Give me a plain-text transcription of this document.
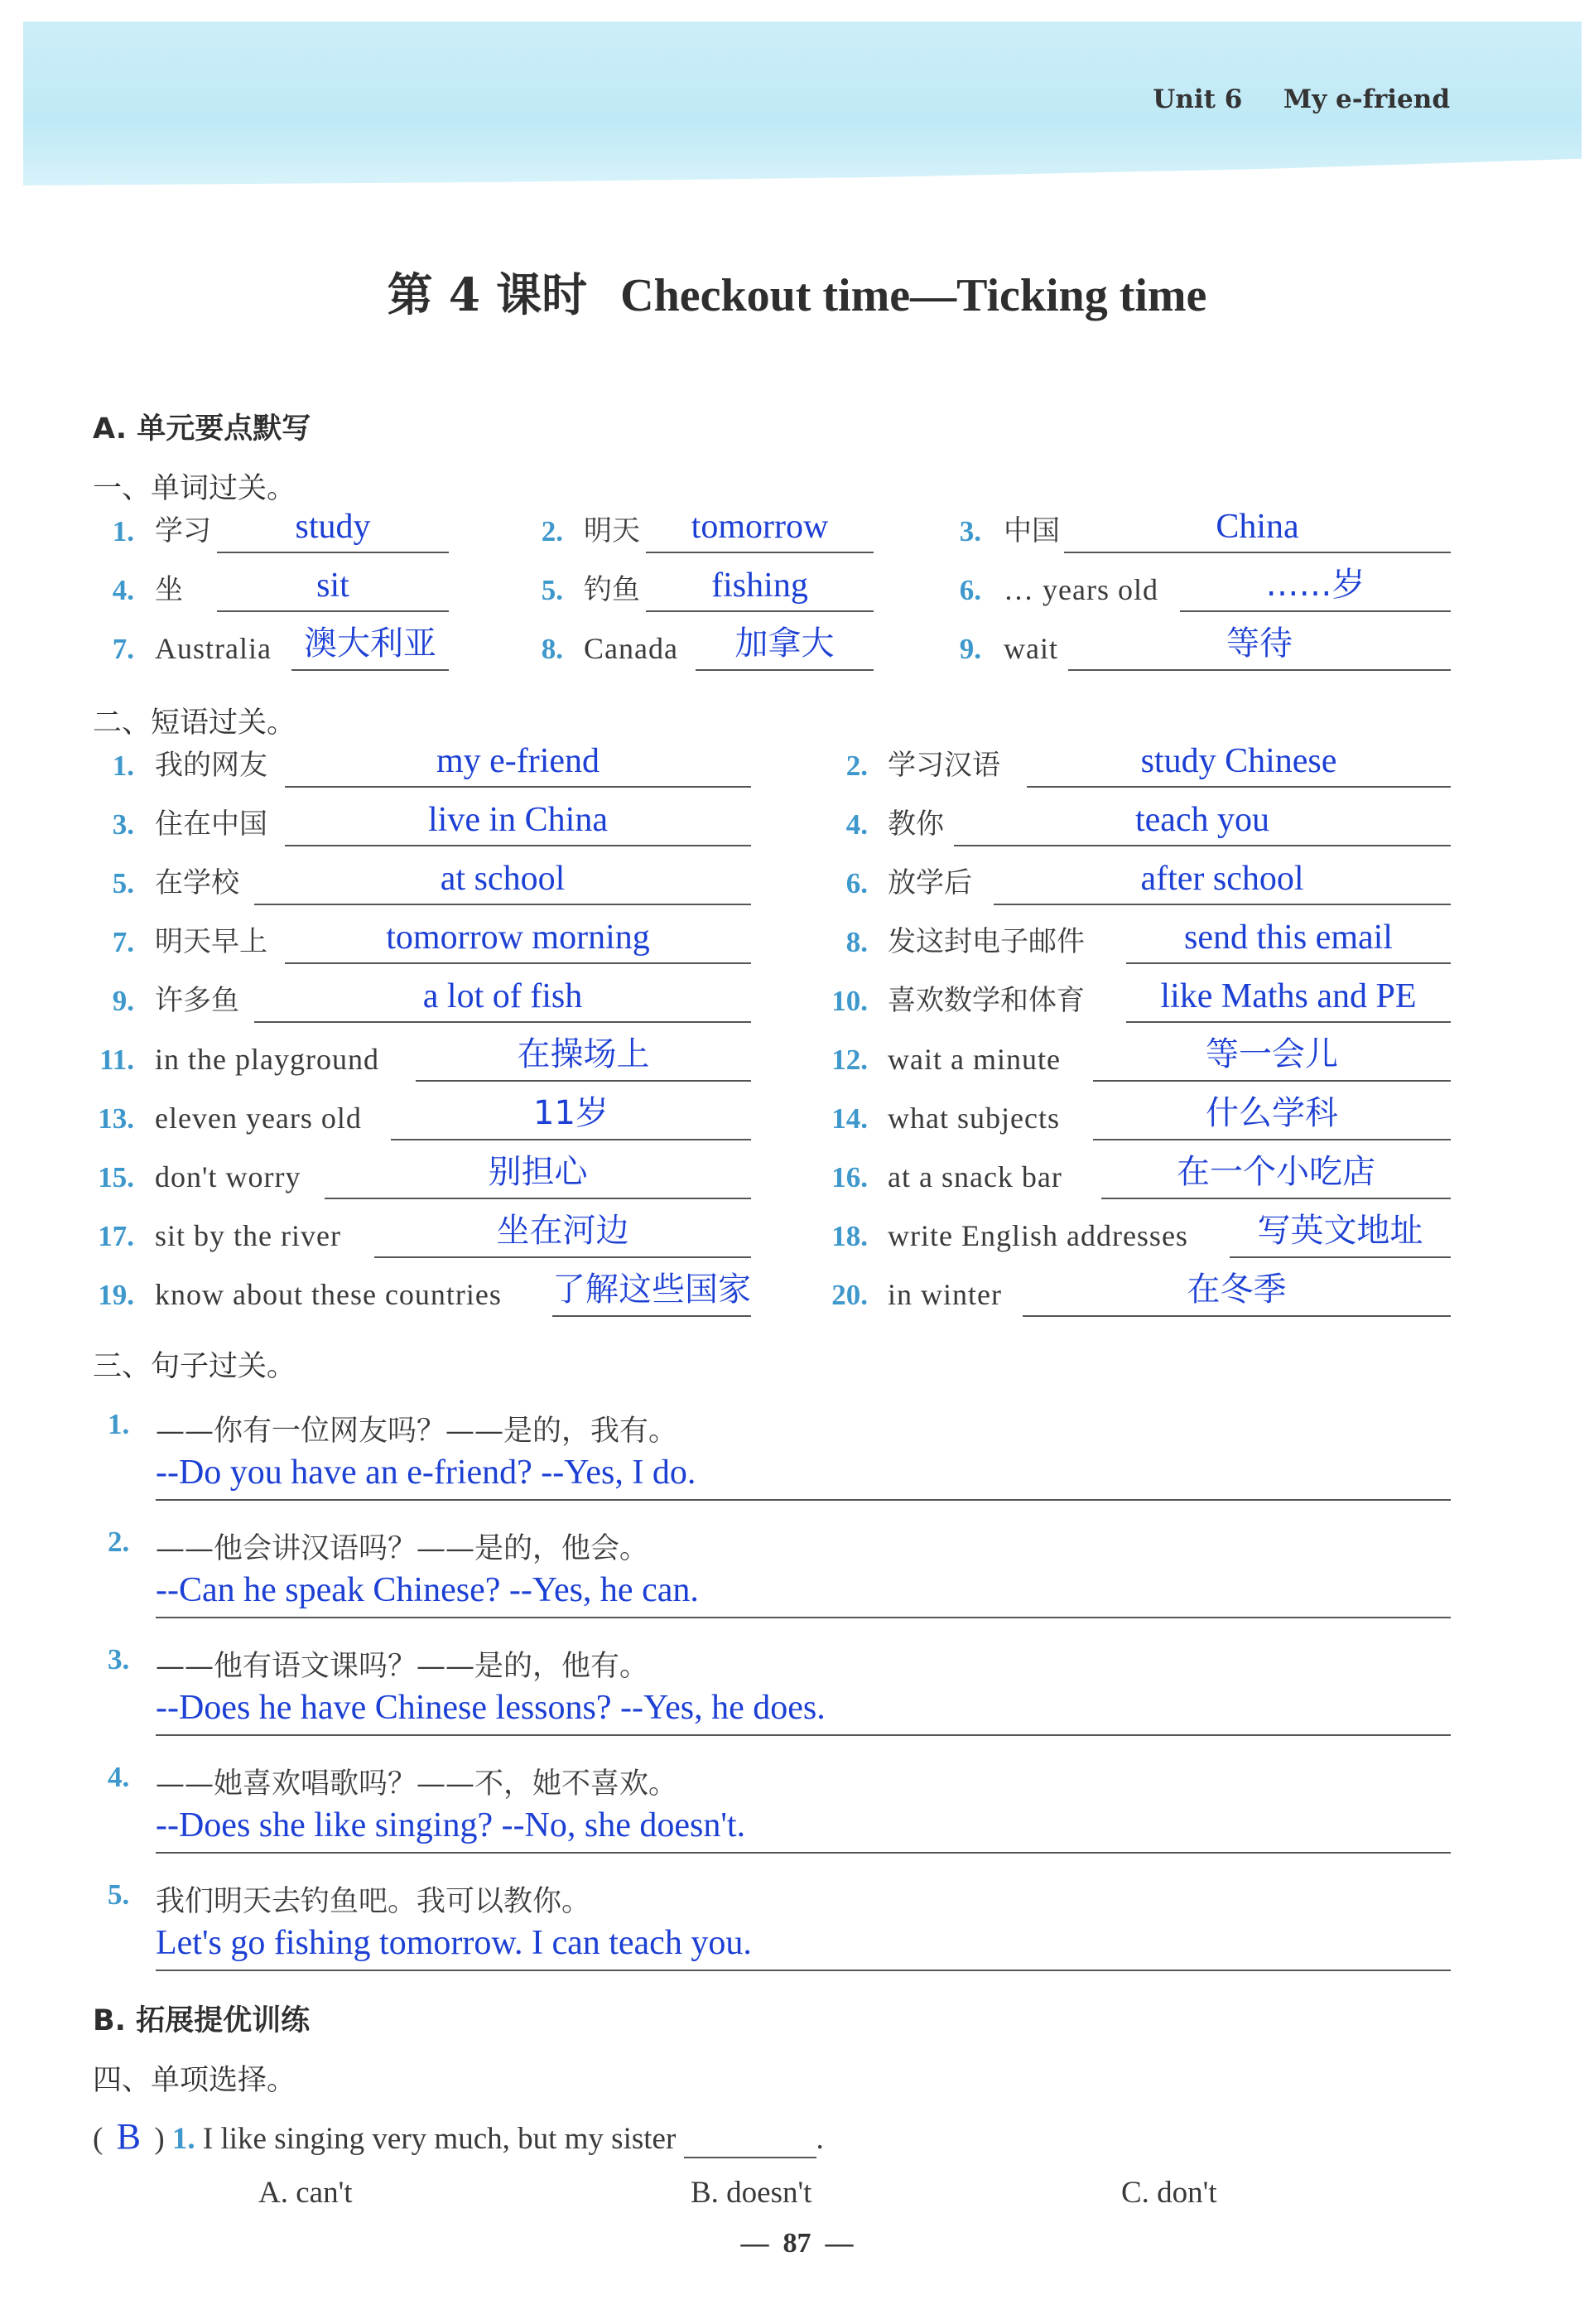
Unit 6 My e-friend
第 4 课时 Checkout time—Ticking time
A. 单元要点默写
一、单词过关。
1. 学习	study	2. 明天	tomorrow	3. 中国	China
4. 坐	sit	5. 钓鱼	fishing	6. … years old	……岁
7. Australia 澳大利亚	8. Canada	加拿大	9. wait	等待
二、短语过关。
1. 我的网友	my e-friend	2. 学习汉语	study Chinese
3. 住在中国	live in China	4. 教你	teach you
5. 在学校	at school	6. 放学后	after school
7. 明天早上	tomorrow morning	8. 发这封电子邮件	send this email
9. 许多鱼	a lot of fish	10. 喜欢数学和体育	like Maths and PE
11. in the playground	在操场上	12. wait a minute	等一会儿
13. eleven years old	11岁	14. what subjects	什么学科
15. don't worry	别担心	16. at a snack bar	在一个小吃店
17. sit by the river	坐在河边	18. write English addresses	写英文地址
19. know about these countries 了解这些国家	20. in winter	在冬季
三、句子过关。
1. ——你有一位网友吗？——是的，我有。
--Do you have an e-friend? --Yes, I do.
2. ——他会讲汉语吗？——是的，他会。
--Can he speak Chinese? --Yes, he can.
3. ——他有语文课吗？——是的，他有。
--Does he have Chinese lessons? --Yes, he does.
4. ——她喜欢唱歌吗？——不，她不喜欢。
--Does she like singing? --No, she doesn't.
5. 我们明天去钓鱼吧。我可以教你。
Let's go fishing tomorrow. I can teach you.
B. 拓展提优训练
四、单项选择。
( B ) 1. I like singing very much, but my sister	.
A. can't	B. doesn't	C. don't
— 87 —
